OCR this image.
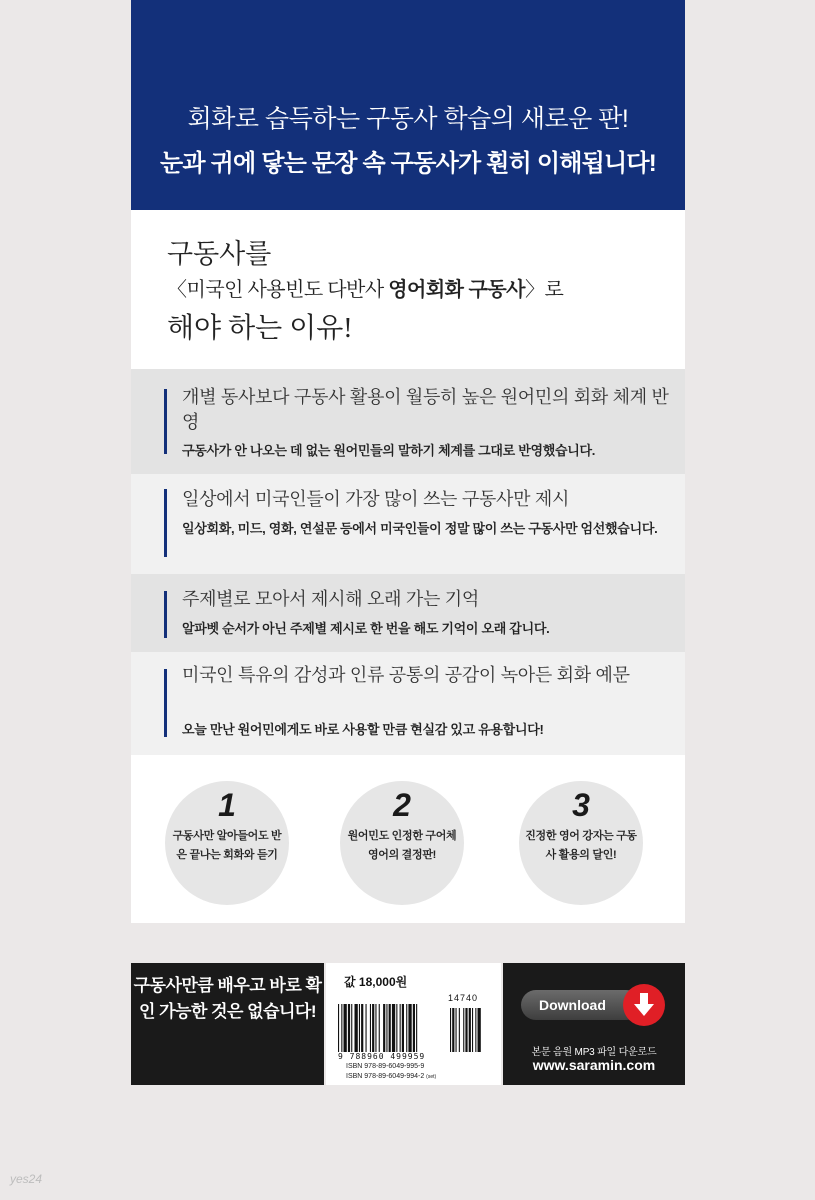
회화로 습득하는 구동사 학습의 새로운 판!
눈과 귀에 닿는 문장 속 구동사가 훤히 이해됩니다!
구동사를
〈미국인 사용빈도 다반사 영어회화 구동사〉로
해야 하는 이유!
개별 동사보다 구동사 활용이 월등히 높은 원어민의 회화 체계 반영
구동사가 안 나오는 데 없는 원어민들의 말하기 체계를 그대로 반영했습니다.
일상에서 미국인들이 가장 많이 쓰는 구동사만 제시
일상회화, 미드, 영화, 연설문 등에서 미국인들이 정말 많이 쓰는 구동사만 엄선했습니다.
주제별로 모아서 제시해 오래 가는 기억
알파벳 순서가 아닌 주제별 제시로 한 번을 해도 기억이 오래 갑니다.
미국인 특유의 감성과 인류 공통의 공감이 녹아든 회화 예문
오늘 만난 원어민에게도 바로 사용할 만큼 현실감 있고 유용합니다!
1
구동사만 알아들어도 반은 끝나는 회화와 듣기
2
원어민도 인정한 구어체 영어의 결정판!
3
진정한 영어 강자는 구동사 활용의 달인!
구동사만큼 배우고 바로 확인 가능한 것은 없습니다!
값 18,000원
14740
9 788960 499959
ISBN 978-89-6049-995-9
ISBN 978-89-6049-994-2 (set)
Download
본문 음원 MP3 파일 다운로드
www.saramin.com
yes24
